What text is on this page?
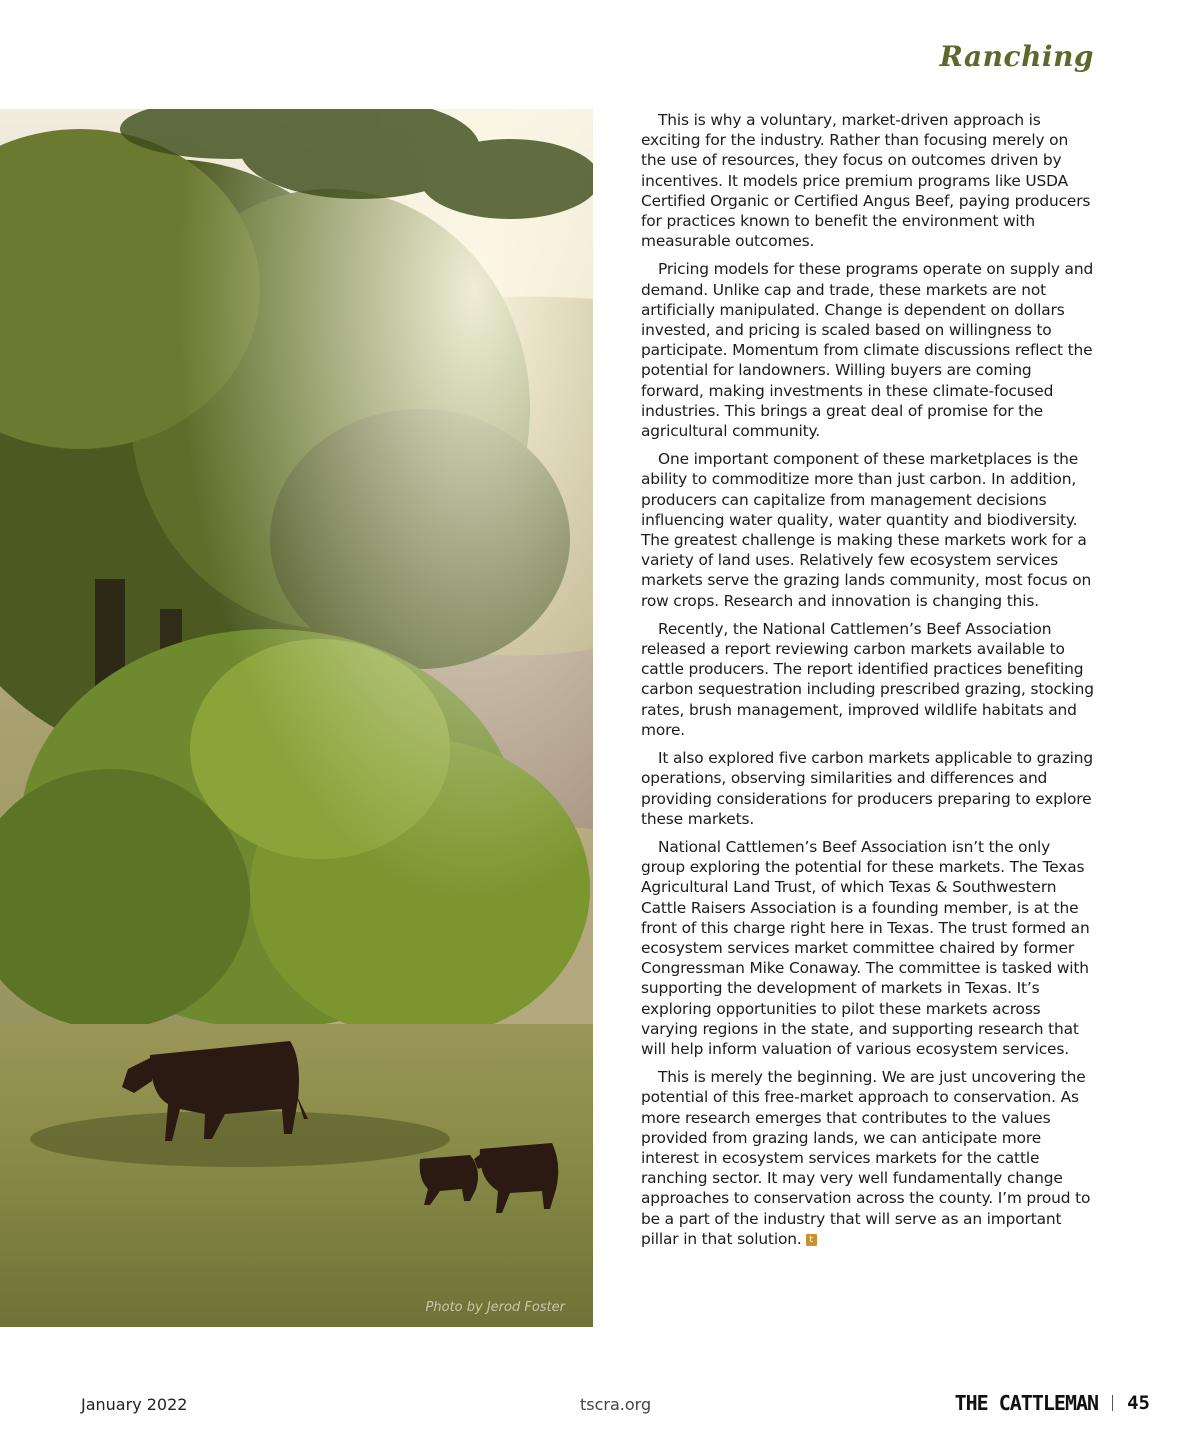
Ranching
Photo by Jerod Foster

This is why a voluntary, market-driven approach is exciting for the industry. Rather than focusing merely on the use of resources, they focus on outcomes driven by incentives. It models price premium programs like USDA Certified Organic or Certified Angus Beef, paying producers for practices known to benefit the environment with measurable outcomes.

Pricing models for these programs operate on supply and demand. Unlike cap and trade, these markets are not artificially manipulated. Change is dependent on dollars invested, and pricing is scaled based on willingness to participate. Momentum from climate discussions reflect the potential for landowners. Willing buyers are coming forward, making investments in these climate-focused industries. This brings a great deal of promise for the agricultural community.

One important component of these marketplaces is the ability to commoditize more than just carbon. In addition, producers can capitalize from management decisions influencing water quality, water quantity and biodiversity. The greatest challenge is making these markets work for a variety of land uses. Relatively few ecosystem services markets serve the grazing lands community, most focus on row crops. Research and innovation is changing this.

Recently, the National Cattlemen’s Beef Association released a report reviewing carbon markets available to cattle producers. The report identified practices benefiting carbon sequestration including prescribed grazing, stocking rates, brush management, improved wildlife habitats and more.

It also explored five carbon markets applicable to grazing operations, observing similarities and differences and providing considerations for producers preparing to explore these markets.

National Cattlemen’s Beef Association isn’t the only group exploring the potential for these markets. The Texas Agricultural Land Trust, of which Texas & Southwestern Cattle Raisers Association is a founding member, is at the front of this charge right here in Texas. The trust formed an ecosystem services market committee chaired by former Congressman Mike Conaway. The committee is tasked with supporting the development of markets in Texas. It’s exploring opportunities to pilot these markets across varying regions in the state, and supporting research that will help inform valuation of various ecosystem services.

This is merely the beginning. We are just uncovering the potential of this free-market approach to conservation. As more research emerges that contributes to the values provided from grazing lands, we can anticipate more interest in ecosystem services markets for the cattle ranching sector. It may very well fundamentally change approaches to conservation across the county. I’m proud to be a part of the industry that will serve as an important pillar in that solution. t

January 2022	tscra.org	THE CATTLEMAN 45
